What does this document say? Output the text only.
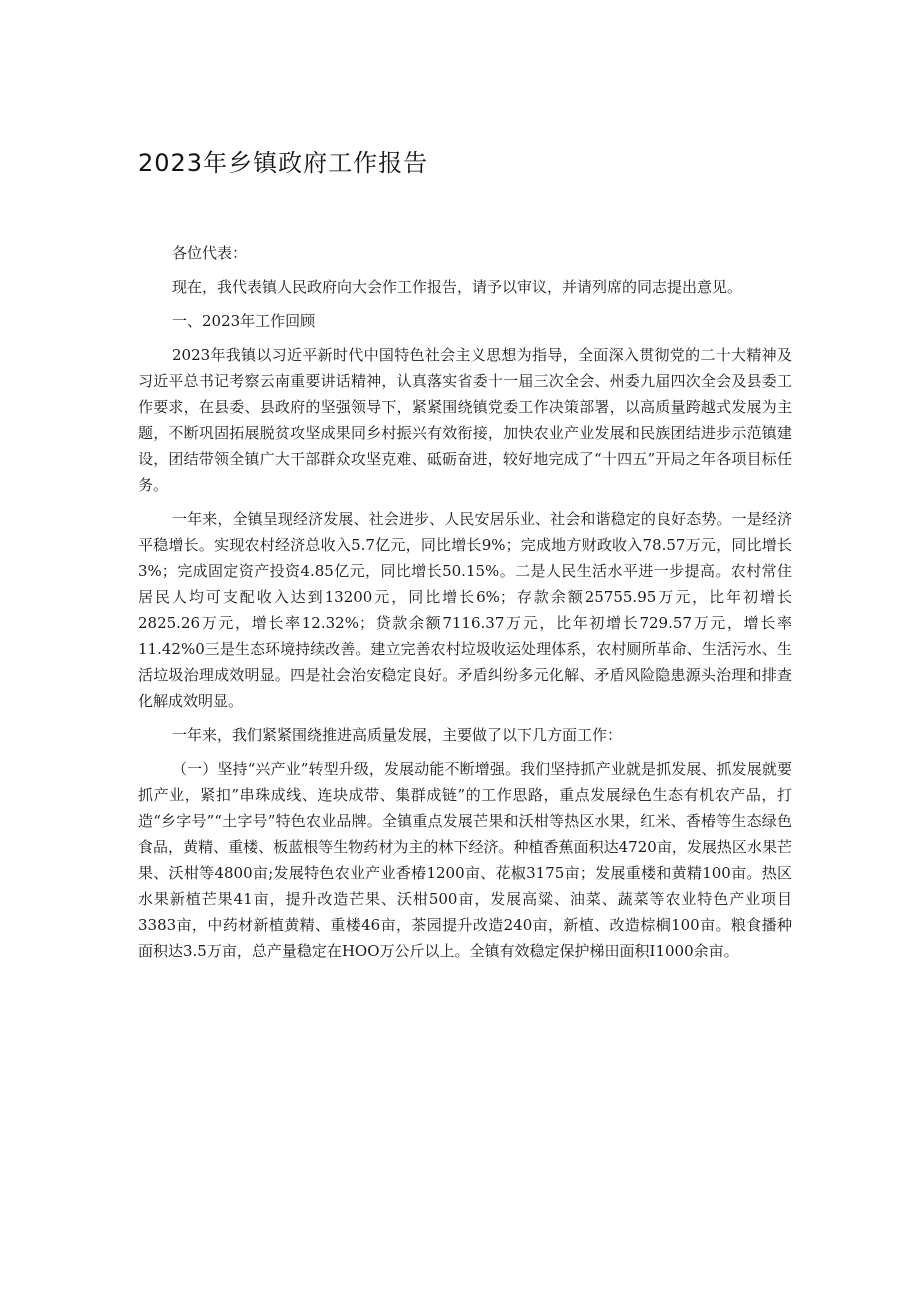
2023年乡镇政府工作报告

各位代表：

现在，我代表镇人民政府向大会作工作报告，请予以审议，并请列席的同志提出意见。

一、2023年工作回顾

2023年我镇以习近平新时代中国特色社会主义思想为指导，全面深入贯彻党的二十大精神及习近平总书记考察云南重要讲话精神，认真落实省委十一届三次全会、州委九届四次全会及县委工作要求，在县委、县政府的坚强领导下，紧紧围绕镇党委工作决策部署，以高质量跨越式发展为主题，不断巩固拓展脱贫攻坚成果同乡村振兴有效衔接，加快农业产业发展和民族团结进步示范镇建设，团结带领全镇广大干部群众攻坚克难、砥砺奋进，较好地完成了“十四五”开局之年各项目标任务。

一年来，全镇呈现经济发展、社会进步、人民安居乐业、社会和谐稳定的良好态势。一是经济平稳增长。实现农村经济总收入5.7亿元，同比增长9%；完成地方财政收入78.57万元，同比增长3%；完成固定资产投资4.85亿元，同比增长50.15%。二是人民生活水平进一步提高。农村常住居民人均可支配收入达到13200元，同比增长6%；存款余额25755.95万元，比年初增长2825.26万元，增长率12.32%；贷款余额7116.37万元，比年初增长729.57万元，增长率11.42%0三是生态环境持续改善。建立完善农村垃圾收运处理体系，农村厕所革命、生活污水、生活垃圾治理成效明显。四是社会治安稳定良好。矛盾纠纷多元化解、矛盾风险隐患源头治理和排查化解成效明显。

一年来，我们紧紧围绕推进高质量发展，主要做了以下几方面工作：

（一）坚持“兴产业”转型升级，发展动能不断增强。我们坚持抓产业就是抓发展、抓发展就要抓产业，紧扣”串珠成线、连块成带、集群成链”的工作思路，重点发展绿色生态有机农产品，打造“乡字号”“土字号”特色农业品牌。全镇重点发展芒果和沃柑等热区水果，红米、香椿等生态绿色食品，黄精、重楼、板蓝根等生物药材为主的林下经济。种植香蕉面积达4720亩，发展热区水果芒果、沃柑等4800亩;发展特色农业产业香椿1200亩、花椒3175亩；发展重楼和黄精100亩。热区水果新植芒果41亩，提升改造芒果、沃柑500亩，发展高粱、油菜、蔬菜等农业特色产业项目3383亩，中药材新植黄精、重楼46亩，茶园提升改造240亩，新植、改造棕榈100亩。粮食播种面积达3.5万亩，总产量稳定在HOO万公斤以上。全镇有效稳定保护梯田面积I1000余亩。
